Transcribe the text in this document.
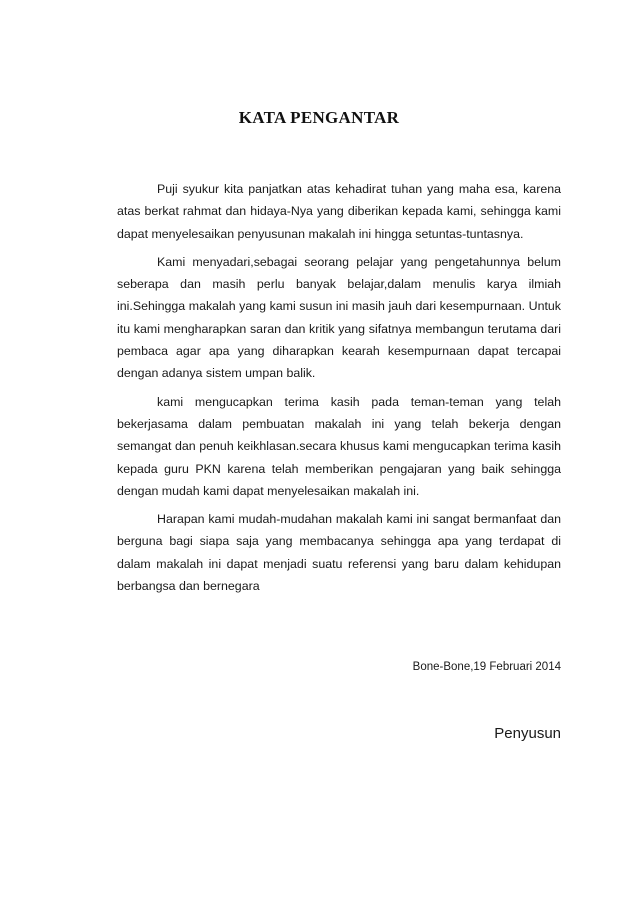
KATA PENGANTAR

Puji syukur kita panjatkan atas kehadirat tuhan yang maha esa, karena atas berkat rahmat dan hidaya-Nya yang diberikan kepada kami, sehingga kami dapat menyelesaikan penyusunan makalah ini hingga setuntas-tuntasnya.

Kami menyadari,sebagai seorang pelajar yang pengetahunnya belum seberapa dan masih perlu banyak belajar,dalam menulis karya ilmiah ini.Sehingga makalah yang kami susun ini masih jauh dari kesempurnaan. Untuk itu kami mengharapkan saran dan kritik yang sifatnya membangun terutama dari pembaca agar apa yang diharapkan kearah kesempurnaan dapat tercapai dengan adanya sistem umpan balik.

kami mengucapkan terima kasih pada teman-teman yang telah bekerjasama dalam pembuatan makalah ini yang telah bekerja dengan semangat dan penuh keikhlasan.secara khusus kami mengucapkan terima kasih kepada guru PKN karena telah memberikan pengajaran yang baik sehingga dengan mudah kami dapat menyelesaikan makalah ini.

Harapan kami mudah-mudahan makalah kami ini sangat bermanfaat dan berguna bagi siapa saja yang membacanya sehingga apa yang terdapat di dalam makalah ini dapat menjadi suatu referensi yang baru dalam kehidupan berbangsa dan bernegara

Bone-Bone,19 Februari 2014
Penyusun
